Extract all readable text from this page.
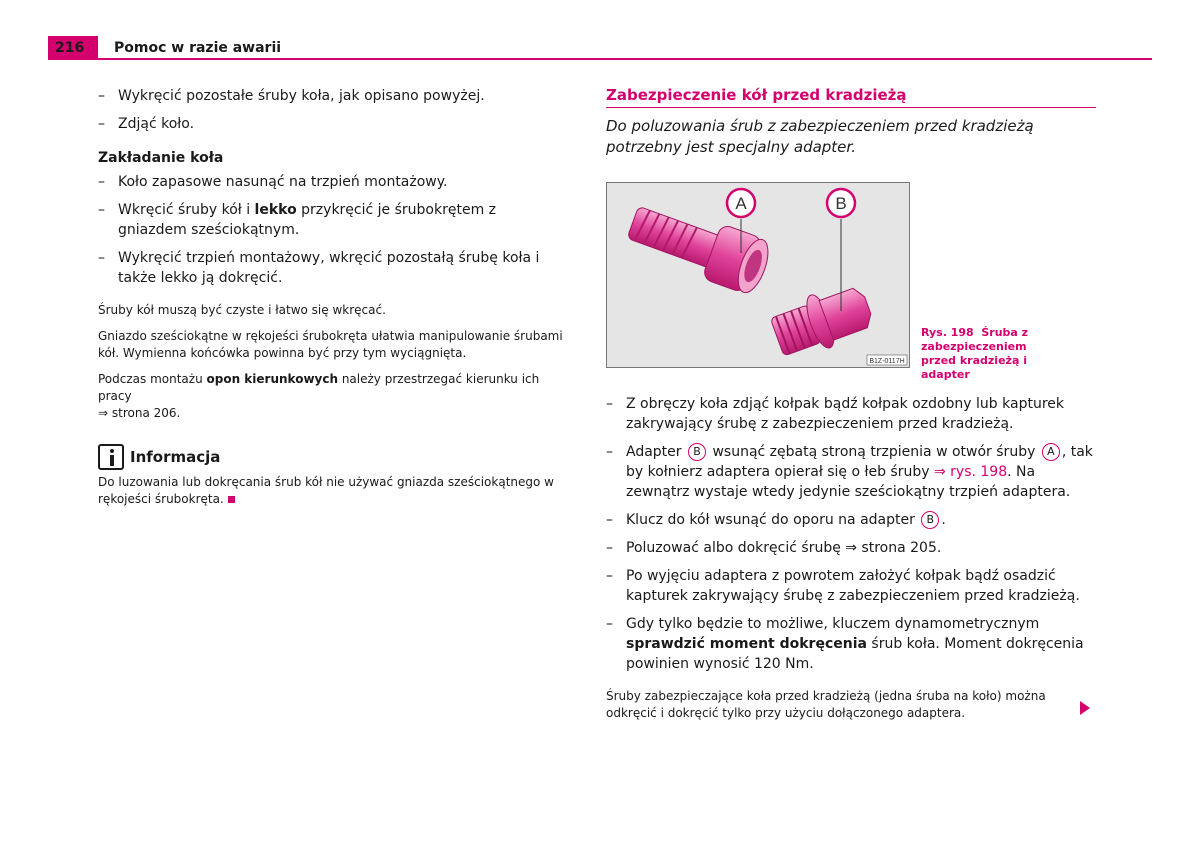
216 Pomoc w razie awarii
– Wykręcić pozostałe śruby koła, jak opisano powyżej.
– Zdjąć koło.
Zakładanie koła
– Koło zapasowe nasunąć na trzpień montażowy.
– Wkręcić śruby kół i lekko przykręcić je śrubokrętem z gniazdem sześciokątnym.
– Wykręcić trzpień montażowy, wkręcić pozostałą śrubę koła i także lekko ją dokręcić.

Śruby kół muszą być czyste i łatwo się wkręcać.

Gniazdo sześciokątne w rękojeści śrubokręta ułatwia manipulowanie śrubami kół. Wymienna końcówka powinna być przy tym wyciągnięta.

Podczas montażu opon kierunkowych należy przestrzegać kierunku ich pracy
⇒ strona 206.

Informacja

Do luzowania lub dokręcania śrub kół nie używać gniazda sześciokątnego w rękojeści śrubokręta.

Zabezpieczenie kół przed kradzieżą

Do poluzowania śrub z zabezpieczeniem przed kradzieżą potrzebny jest specjalny adapter.

A	B
B1Z-0117H
Rys. 198 Śruba z zabezpieczeniem przed kradzieżą i adapter
– Z obręczy koła zdjąć kołpak bądź kołpak ozdobny lub kapturek zakrywający śrubę z zabezpieczeniem przed kradzieżą.
– Adapter B wsunąć zębatą stroną trzpienia w otwór śruby A , tak by kołnierz adaptera opierał się o łeb śruby ⇒ rys. 198. Na zewnątrz wystaje wtedy jedynie sześciokątny trzpień adaptera.
– Klucz do kół wsunąć do oporu na adapter B .
– Poluzować albo dokręcić śrubę ⇒ strona 205.
– Po wyjęciu adaptera z powrotem założyć kołpak bądź osadzić kapturek zakrywający śrubę z zabezpieczeniem przed kradzieżą.
– Gdy tylko będzie to możliwe, kluczem dynamometrycznym sprawdzić moment dokręcenia śrub koła. Moment dokręcenia powinien wynosić 120 Nm.

Śruby zabezpieczające koła przed kradzieżą (jedna śruba na koło) można odkręcić i dokręcić tylko przy użyciu dołączonego adaptera.
